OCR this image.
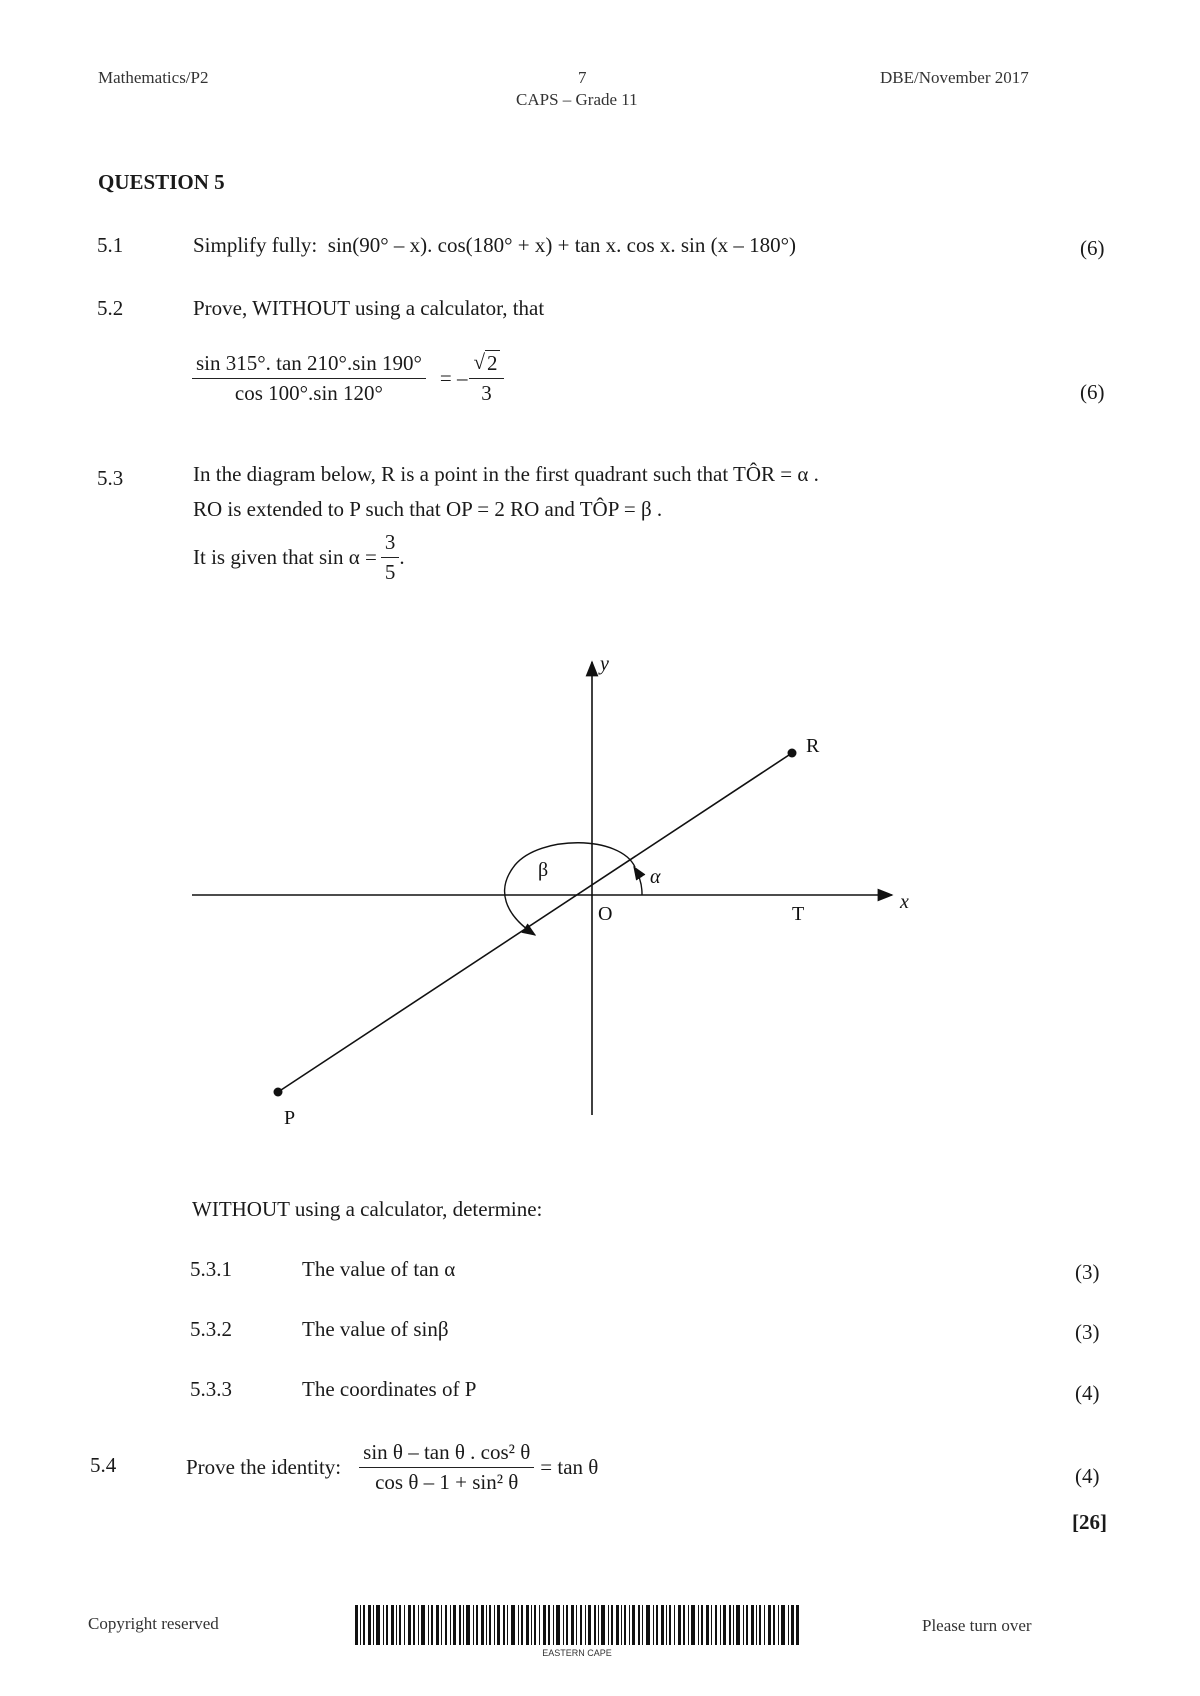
Mathematics/P2	7
CAPS – Grade 11
DBE/November 2017
QUESTION 5
5.1	Simplify fully: sin(90° – x). cos(180° + x) + tan x. cos x. sin (x – 180°)	(6)
5.2	Prove, WITHOUT using a calculator, that
$\frac{\sin 315^\circ. \tan 210^\circ.\sin 190^\circ}{\cos 100^\circ.\sin 120^\circ}$ = – $\frac{√ 2}{3}$	(6)
5.3	In the diagram below, R is a point in the first quadrant such that TÔR = α .
RO is extended to P such that OP = 2 RO and TÔP = β .
It is given that $\sin \alpha = \frac{3}{5}$ .
y
x
R
O	T
P
α
β
WITHOUT using a calculator, determine:
5.3.1	The value of tan α	(3)
5.3.2	The value of sinβ	(3)
5.3.3	The coordinates of P	(4)
5.4	Prove the identity: $\frac{\text{sin θ – tan θ . cos² θ}}{\text{cos θ – 1 + sin² θ}} = \tan \theta$	(4)
[26]
Copyright reserved
EASTERN CAPE
Please turn over
